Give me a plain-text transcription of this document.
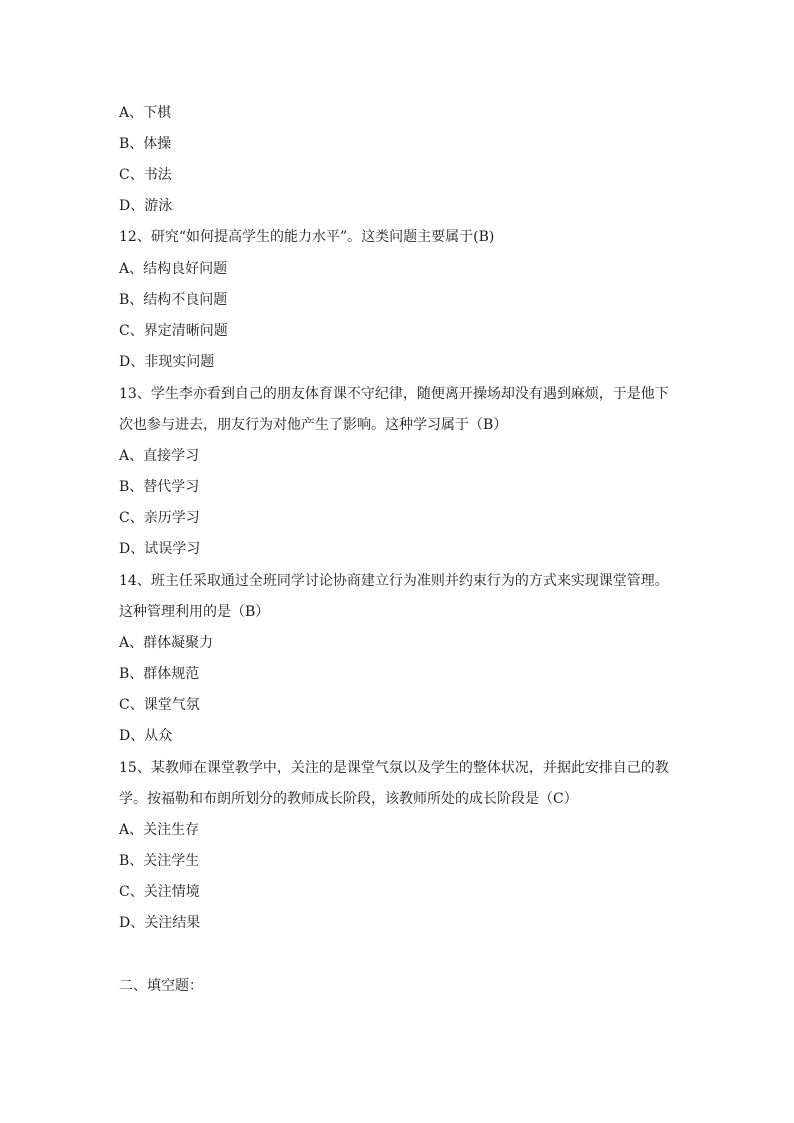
A、下棋
B、体操
C、书法
D、游泳
12、研究“如何提高学生的能力水平”。这类问题主要属于(B)
A、结构良好问题
B、结构不良问题
C、界定清晰问题
D、非现实问题
13、学生李亦看到自己的朋友体育课不守纪律，随便离开操场却没有遇到麻烦，于是他下
次也参与进去，朋友行为对他产生了影响。这种学习属于（B）
A、直接学习
B、替代学习
C、亲历学习
D、试误学习
14、班主任采取通过全班同学讨论协商建立行为准则并约束行为的方式来实现课堂管理。
这种管理利用的是（B）
A、群体凝聚力
B、群体规范
C、课堂气氛
D、从众
15、某教师在课堂教学中，关注的是课堂气氛以及学生的整体状况，并据此安排自己的教
学。按福勒和布朗所划分的教师成长阶段，该教师所处的成长阶段是（C）
A、关注生存
B、关注学生
C、关注情境
D、关注结果
二、填空题：
